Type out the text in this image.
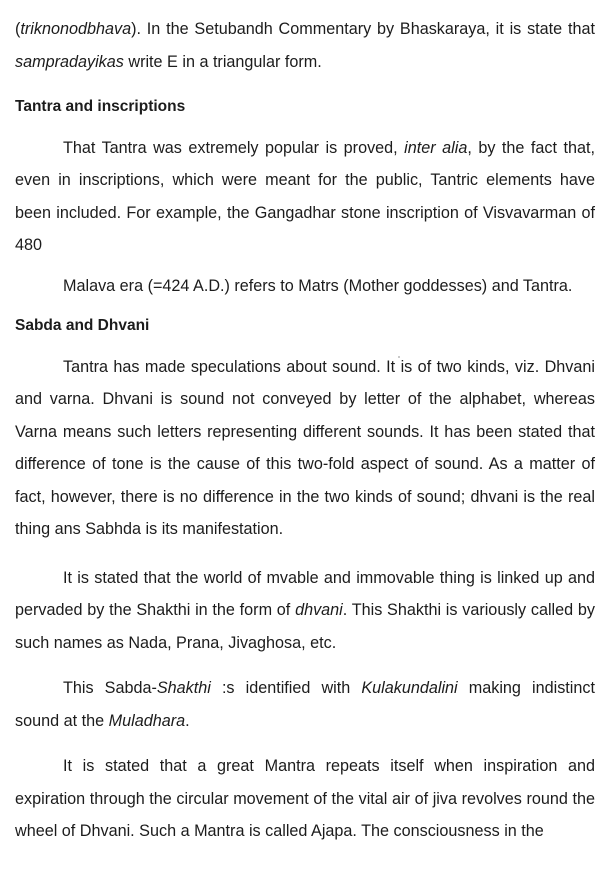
(triknonodbhava). In the Setubandh Commentary by Bhaskaraya, it is state that sampradayikas write E in a triangular form.

Tantra and inscriptions

That Tantra was extremely popular is proved, inter alia, by the fact that, even in inscriptions, which were meant for the public, Tantric elements have been included. For example, the Gangadhar stone inscription of Visvavarman of 480

Malava era (=424 A.D.) refers to Matrs (Mother goddesses) and Tantra.

Sabda and Dhvani

Tantra has made speculations about sound. It is of two kinds, viz. Dhvani and varna. Dhvani is sound not conveyed by letter of the alphabet, whereas Varna means such letters representing different sounds. It has been stated that difference of tone is the cause of this two-fold aspect of sound. As a matter of fact, however, there is no difference in the two kinds of sound; dhvani is the real thing ans Sabhda is its manifestation.

It is stated that the world of mvable and immovable thing is linked up and pervaded by the Shakthi in the form of dhvani. This Shakthi is variously called by such names as Nada, Prana, Jivaghosa, etc.

This Sabda-Shakthi :s identified with Kulakundalini making indistinct sound at the Muladhara.

It is stated that a great Mantra repeats itself when inspiration and expiration through the circular movement of the vital air of jiva revolves round the wheel of Dhvani. Such a Mantra is called Ajapa. The consciousness in the
